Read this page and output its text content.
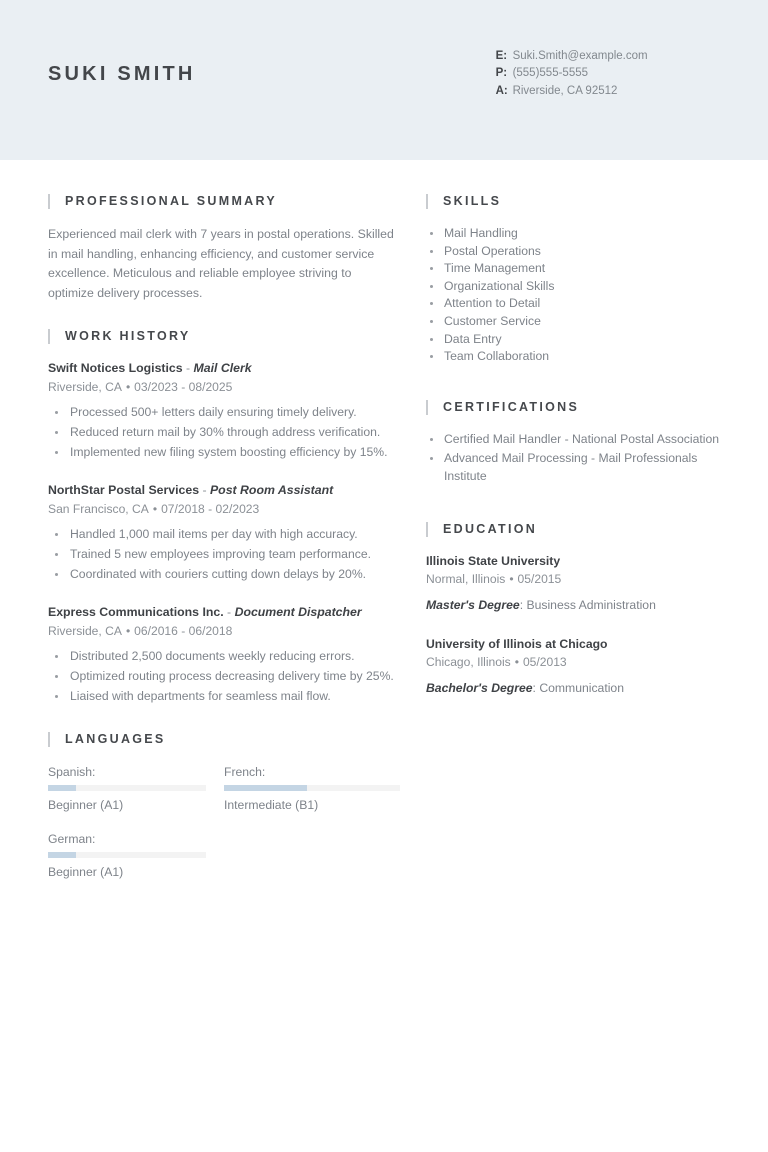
SUKI SMITH
E: Suki.Smith@example.com
P: (555)555-5555
A: Riverside, CA 92512
PROFESSIONAL SUMMARY
Experienced mail clerk with 7 years in postal operations. Skilled in mail handling, enhancing efficiency, and customer service excellence. Meticulous and reliable employee striving to optimize delivery processes.
WORK HISTORY
Swift Notices Logistics - Mail Clerk
Riverside, CA • 03/2023 - 08/2025
Processed 500+ letters daily ensuring timely delivery.
Reduced return mail by 30% through address verification.
Implemented new filing system boosting efficiency by 15%.
NorthStar Postal Services - Post Room Assistant
San Francisco, CA • 07/2018 - 02/2023
Handled 1,000 mail items per day with high accuracy.
Trained 5 new employees improving team performance.
Coordinated with couriers cutting down delays by 20%.
Express Communications Inc. - Document Dispatcher
Riverside, CA • 06/2016 - 06/2018
Distributed 2,500 documents weekly reducing errors.
Optimized routing process decreasing delivery time by 25%.
Liaised with departments for seamless mail flow.
LANGUAGES
Spanish:
Beginner (A1)
French:
Intermediate (B1)
German:
Beginner (A1)
SKILLS
Mail Handling
Postal Operations
Time Management
Organizational Skills
Attention to Detail
Customer Service
Data Entry
Team Collaboration
CERTIFICATIONS
Certified Mail Handler - National Postal Association
Advanced Mail Processing - Mail Professionals Institute
EDUCATION
Illinois State University
Normal, Illinois • 05/2015
Master's Degree: Business Administration
University of Illinois at Chicago
Chicago, Illinois • 05/2013
Bachelor's Degree: Communication
